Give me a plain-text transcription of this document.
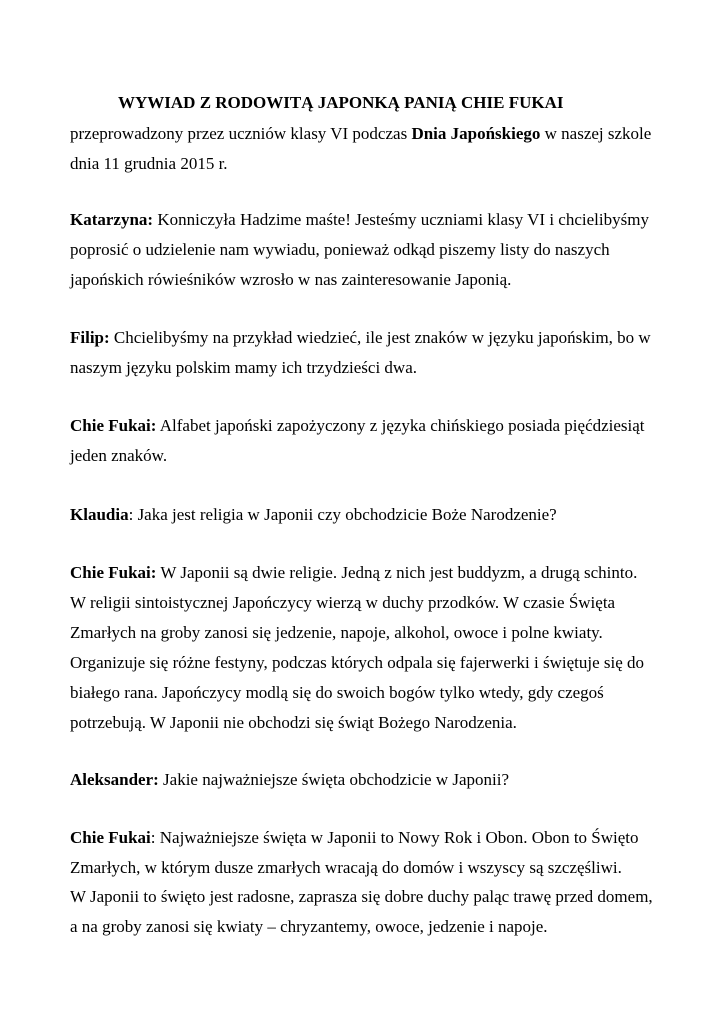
WYWIAD Z RODOWITĄ JAPONKĄ PANIĄ CHIE FUKAI
przeprowadzony przez uczniów klasy VI podczas Dnia Japońskiego w naszej szkole
dnia 11 grudnia 2015 r.
Katarzyna: Konniczyła Hadzime maśte! Jesteśmy uczniami klasy VI i chcielibyśmy
poprosić o udzielenie nam wywiadu, ponieważ odkąd piszemy listy do naszych
japońskich rówieśników wzrosło w nas zainteresowanie Japonią.
Filip: Chcielibyśmy na przykład wiedzieć, ile jest znaków w języku japońskim, bo w
naszym języku polskim mamy ich trzydzieści dwa.
Chie Fukai: Alfabet japoński zapożyczony z języka chińskiego posiada pięćdziesiąt
jeden znaków.
Klaudia: Jaka jest religia w Japonii czy obchodzicie Boże Narodzenie?
Chie Fukai: W Japonii są dwie religie. Jedną z nich jest buddyzm, a drugą schinto.
W religii sintoistycznej Japończycy wierzą w duchy przodków. W czasie Święta
Zmarłych na groby zanosi się jedzenie, napoje, alkohol, owoce i polne kwiaty.
Organizuje się różne festyny, podczas których odpala się fajerwerki i świętuje się do
białego rana. Japończycy modlą się do swoich bogów tylko wtedy, gdy czegoś
potrzebują. W Japonii nie obchodzi się świąt Bożego Narodzenia.
Aleksander: Jakie najważniejsze święta obchodzicie w Japonii?
Chie Fukai: Najważniejsze święta w Japonii to Nowy Rok i Obon. Obon to Święto
Zmarłych, w którym dusze zmarłych wracają do domów i wszyscy są szczęśliwi.
W Japonii to święto jest radosne, zaprasza się dobre duchy paląc trawę przed domem,
a na groby zanosi się kwiaty – chryzantemy, owoce, jedzenie i napoje.
